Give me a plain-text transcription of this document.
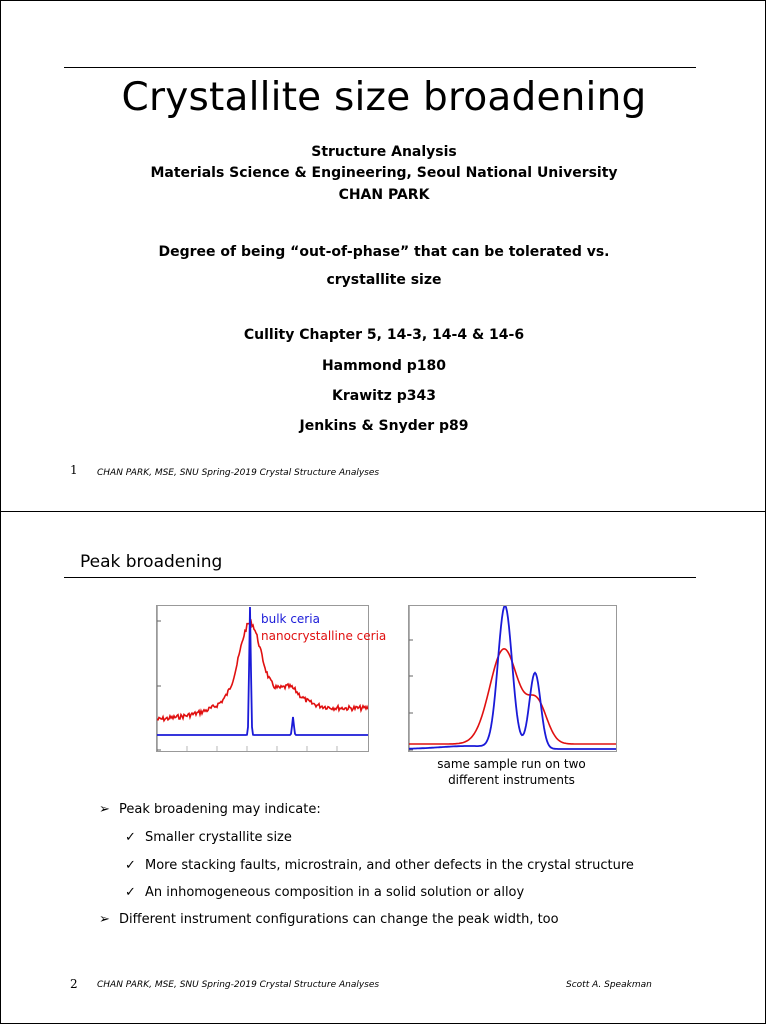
Crystallite size broadening
Structure Analysis
Materials Science & Engineering, Seoul National University
CHAN PARK
Degree of being “out-of-phase” that can be tolerated vs.
crystallite size
Cullity Chapter 5, 14-3, 14-4 & 14-6
Hammond p180
Krawitz p343
Jenkins & Snyder p89
1 CHAN PARK, MSE, SNU Spring-2019 Crystal Structure Analyses
Peak broadening
bulk ceria
nanocrystalline ceria
same sample run on two
different instruments
➢ Peak broadening may indicate:
✓ Smaller crystallite size
✓ More stacking faults, microstrain, and other defects in the crystal structure
✓ An inhomogeneous composition in a solid solution or alloy
➢ Different instrument configurations can change the peak width, too
2 CHAN PARK, MSE, SNU Spring-2019 Crystal Structure Analyses	Scott A. Speakman
